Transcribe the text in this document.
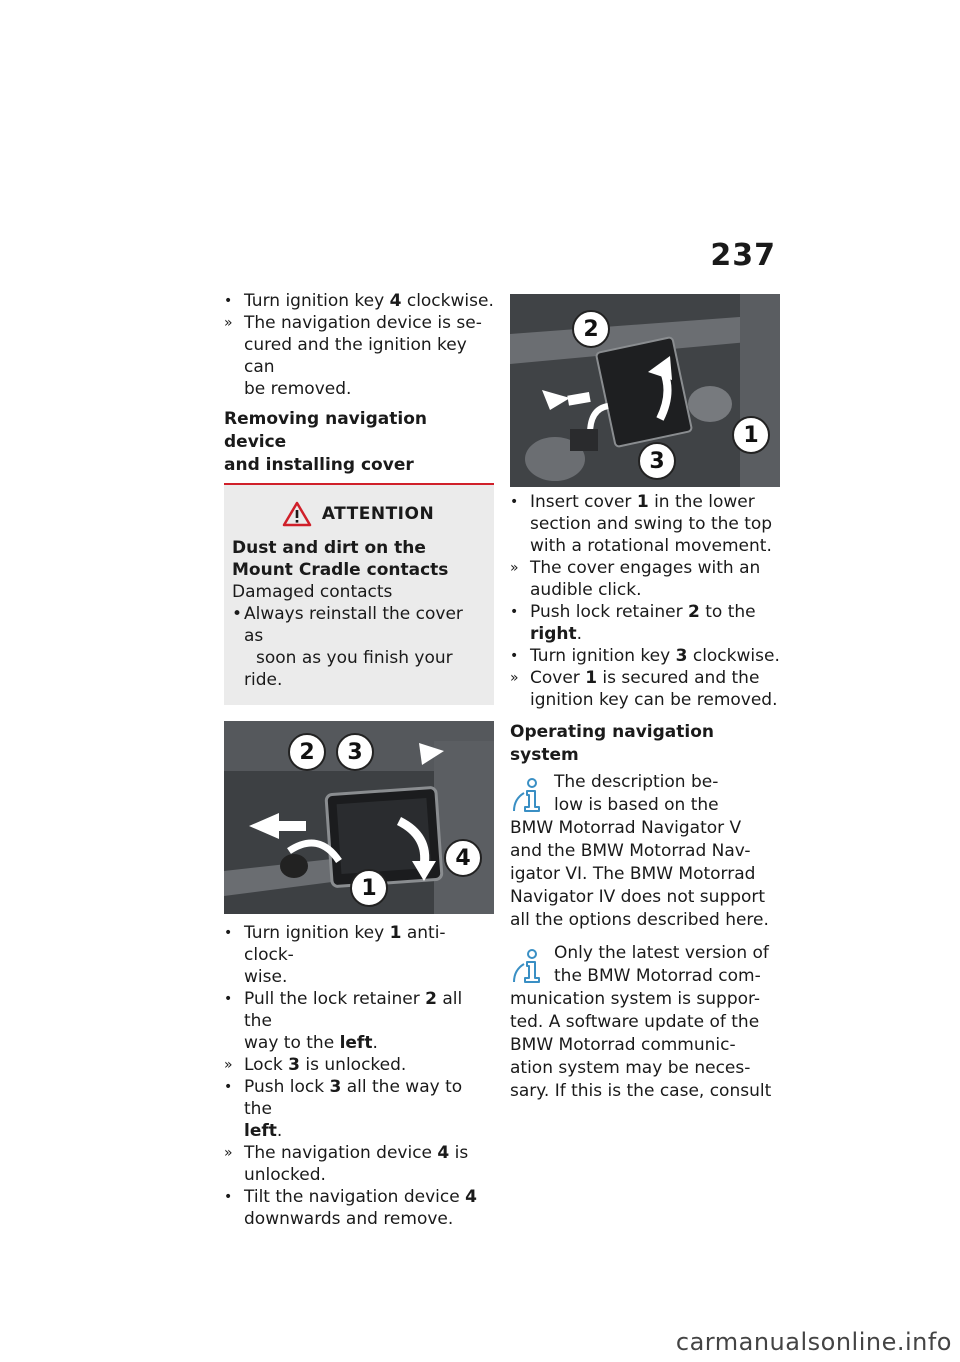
237
• Turn ignition key 4 clockwise.
» The navigation device is se-
cured and the ignition key can
be removed.
Removing navigation device
and installing cover
ATTENTION
Dust and dirt on the
Mount Cradle contacts
Damaged contacts
• Always reinstall the cover as
soon as you finish your ride.
2	3
4
1
• Turn ignition key 1 anti-clock-
wise.
• Pull the lock retainer 2 all the
way to the left.
» Lock 3 is unlocked.
• Push lock 3 all the way to the
left.
» The navigation device 4 is
unlocked.
• Tilt the navigation device 4
downwards and remove.
2
1
3
• Insert cover 1 in the lower
section and swing to the top
with a rotational movement.
» The cover engages with an
audible click.
• Push lock retainer 2 to the
right.
• Turn ignition key 3 clockwise.
» Cover 1 is secured and the
ignition key can be removed.
Operating navigation system
The description be-
low is based on the
BMW Motorrad Navigator V
and the BMW Motorrad Nav-
igator VI. The BMW Motorrad
Navigator IV does not support
all the options described here.
Only the latest version of
the BMW Motorrad com-
munication system is suppor-
ted. A software update of the
BMW Motorrad communic-
ation system may be neces-
sary. If this is the case, consult
carmanualsonline.info
